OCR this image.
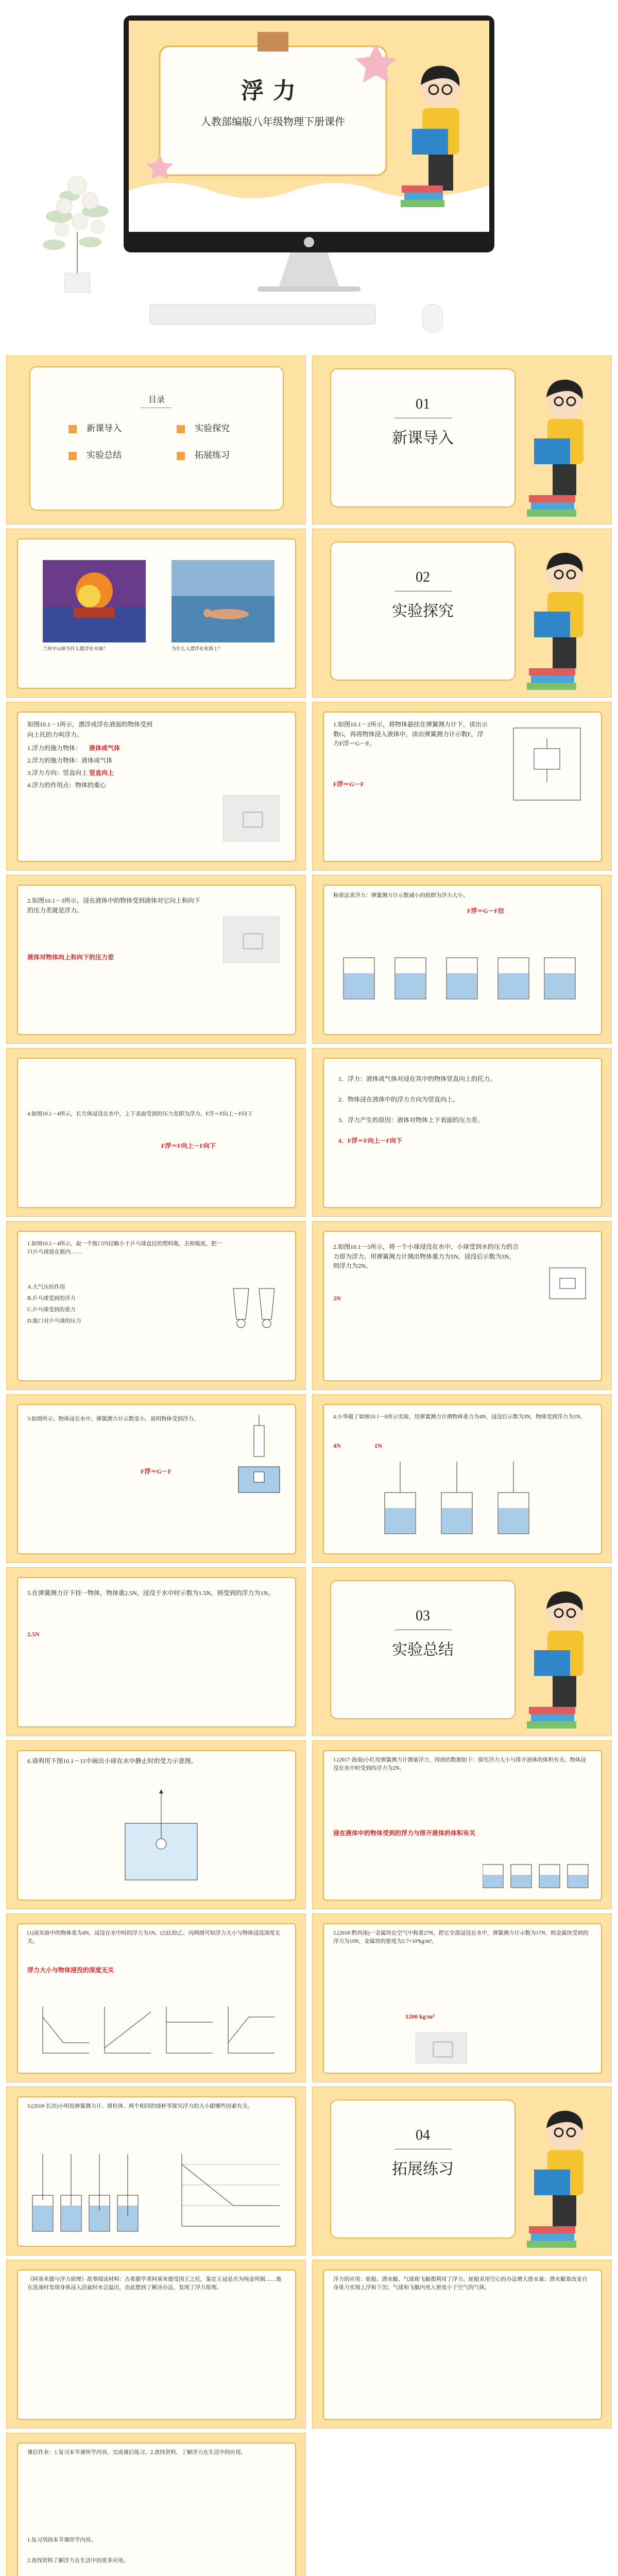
浮力
人教部编版八年级物理下册课件
目录
新课导入	实验探究
实验总结	拓展练习
01
新课导入
兰州中山桥为什么能浮在水面？	为什么人漂浮在死海上？
02
实验探究
如图10.1－1所示，漂浮或浮在液面的物体受到
向上托的力叫浮力。
1.浮力的施力物体： 液体或气体
2.浮力的施力物体：液体或气体
3.浮力方向：竖直向上 竖直向上
4.浮力的作用点：物体的重心
1.如图10.1－2所示，将物体悬挂在弹簧测力计下，读出示数G，再将物体浸入液体中，读出弹簧测力计示数F，浮力F浮＝G－F。
F浮＝G－F
2.如图10.1－3所示，浸在液体中的物体受到液体对它向上和向下的压力差就是浮力。
液体对物体向上和向下的压力差
称重法求浮力：弹簧测力计示数减小的值即为浮力大小。
F浮＝G－F拉
4.如图10.1－4所示，长方体浸没在水中，上下表面受到的压力差即为浮力。F浮＝F向上－F向下
F浮＝F向上－F向下
1．浮力：液体或气体对浸在其中的物体竖直向上的托力。
2．物体浸在液体中的浮力方向为竖直向上。
3．浮力产生的原因：液体对物体上下表面的压力差。
4．F浮＝F向上－F向下
1.如图10.1－4所示，取一个瓶口内径略小于乒乓球直径的塑料瓶，去掉瓶底，把一只乒乓球放在瓶内……
A.大气压的作用
B.乒乓球受到的浮力
C.乒乓球受到的重力
D.瓶口对乒乓球的压力
2.如图10.1－5所示，将一个小球浸没在水中，小球受到水的压力的合力即为浮力。用弹簧测力计测出物体重力为5N，浸没后示数为3N，则浮力为2N。
2N
3.如图所示，物体浸在水中，弹簧测力计示数变小，说明物体受到浮力。
F浮＝G－F
4.小华做了如图10.1－6所示实验，用弹簧测力计测物体重力为4N，浸没后示数为3N，物体受到浮力为1N。
4N	1N
5.在弹簧测力计下挂一物体，物体重2.5N，浸没于水中时示数为1.5N，则受到的浮力为1N。
2.5N
03
实验总结
6.请利用下图10.1－11中画出小球在水中静止时的受力示意图。	1.(2017·海南)小红用弹簧测力计测量浮力，得到的数据如下：探究浮力大小与排开液体的体积有关。物体浸没在水中时受到的浮力为2N。
浸在液体中的物体受到的浮力与排开液体的体积有关
(1)该实验中的物体重为4N，浸没在水中时的浮力为1N。(2)比较乙、丙两图可知浮力大小与物体浸没深度无关。
浮力大小与物体浸没的深度无关
2.(2018·黔西南)一金属块在空气中称重27N，把它全部浸没在水中，弹簧测力计示数为17N，则金属块受到的浮力为10N，金属块的密度为2.7×10³kg/m³。
1200 kg/m³
3.(2018·长沙)小明用弹簧测力计、圆柱体、两个相同的烧杯等探究浮力的大小跟哪些因素有关。
04
拓展练习
《阿基米德与浮力原理》故事阅读材料：古希腊学者阿基米德受国王之托，鉴定王冠是否为纯金所制……他在洗澡时发现身体浸入浴盆时水会溢出，由此想到了解决办法，发现了浮力原理。
浮力的应用：轮船、潜水艇、气球和飞艇都利用了浮力。轮船采用空心的办法增大排水量；潜水艇靠改变自身重力实现上浮和下沉；气球和飞艇内充入密度小于空气的气体。
课后作业：1.复习本节课所学内容，完成课后练习。2.查找资料，了解浮力在生活中的应用。
1.复习巩固本节课所学内容。
2.查找资料了解浮力在生活中的更多应用。
